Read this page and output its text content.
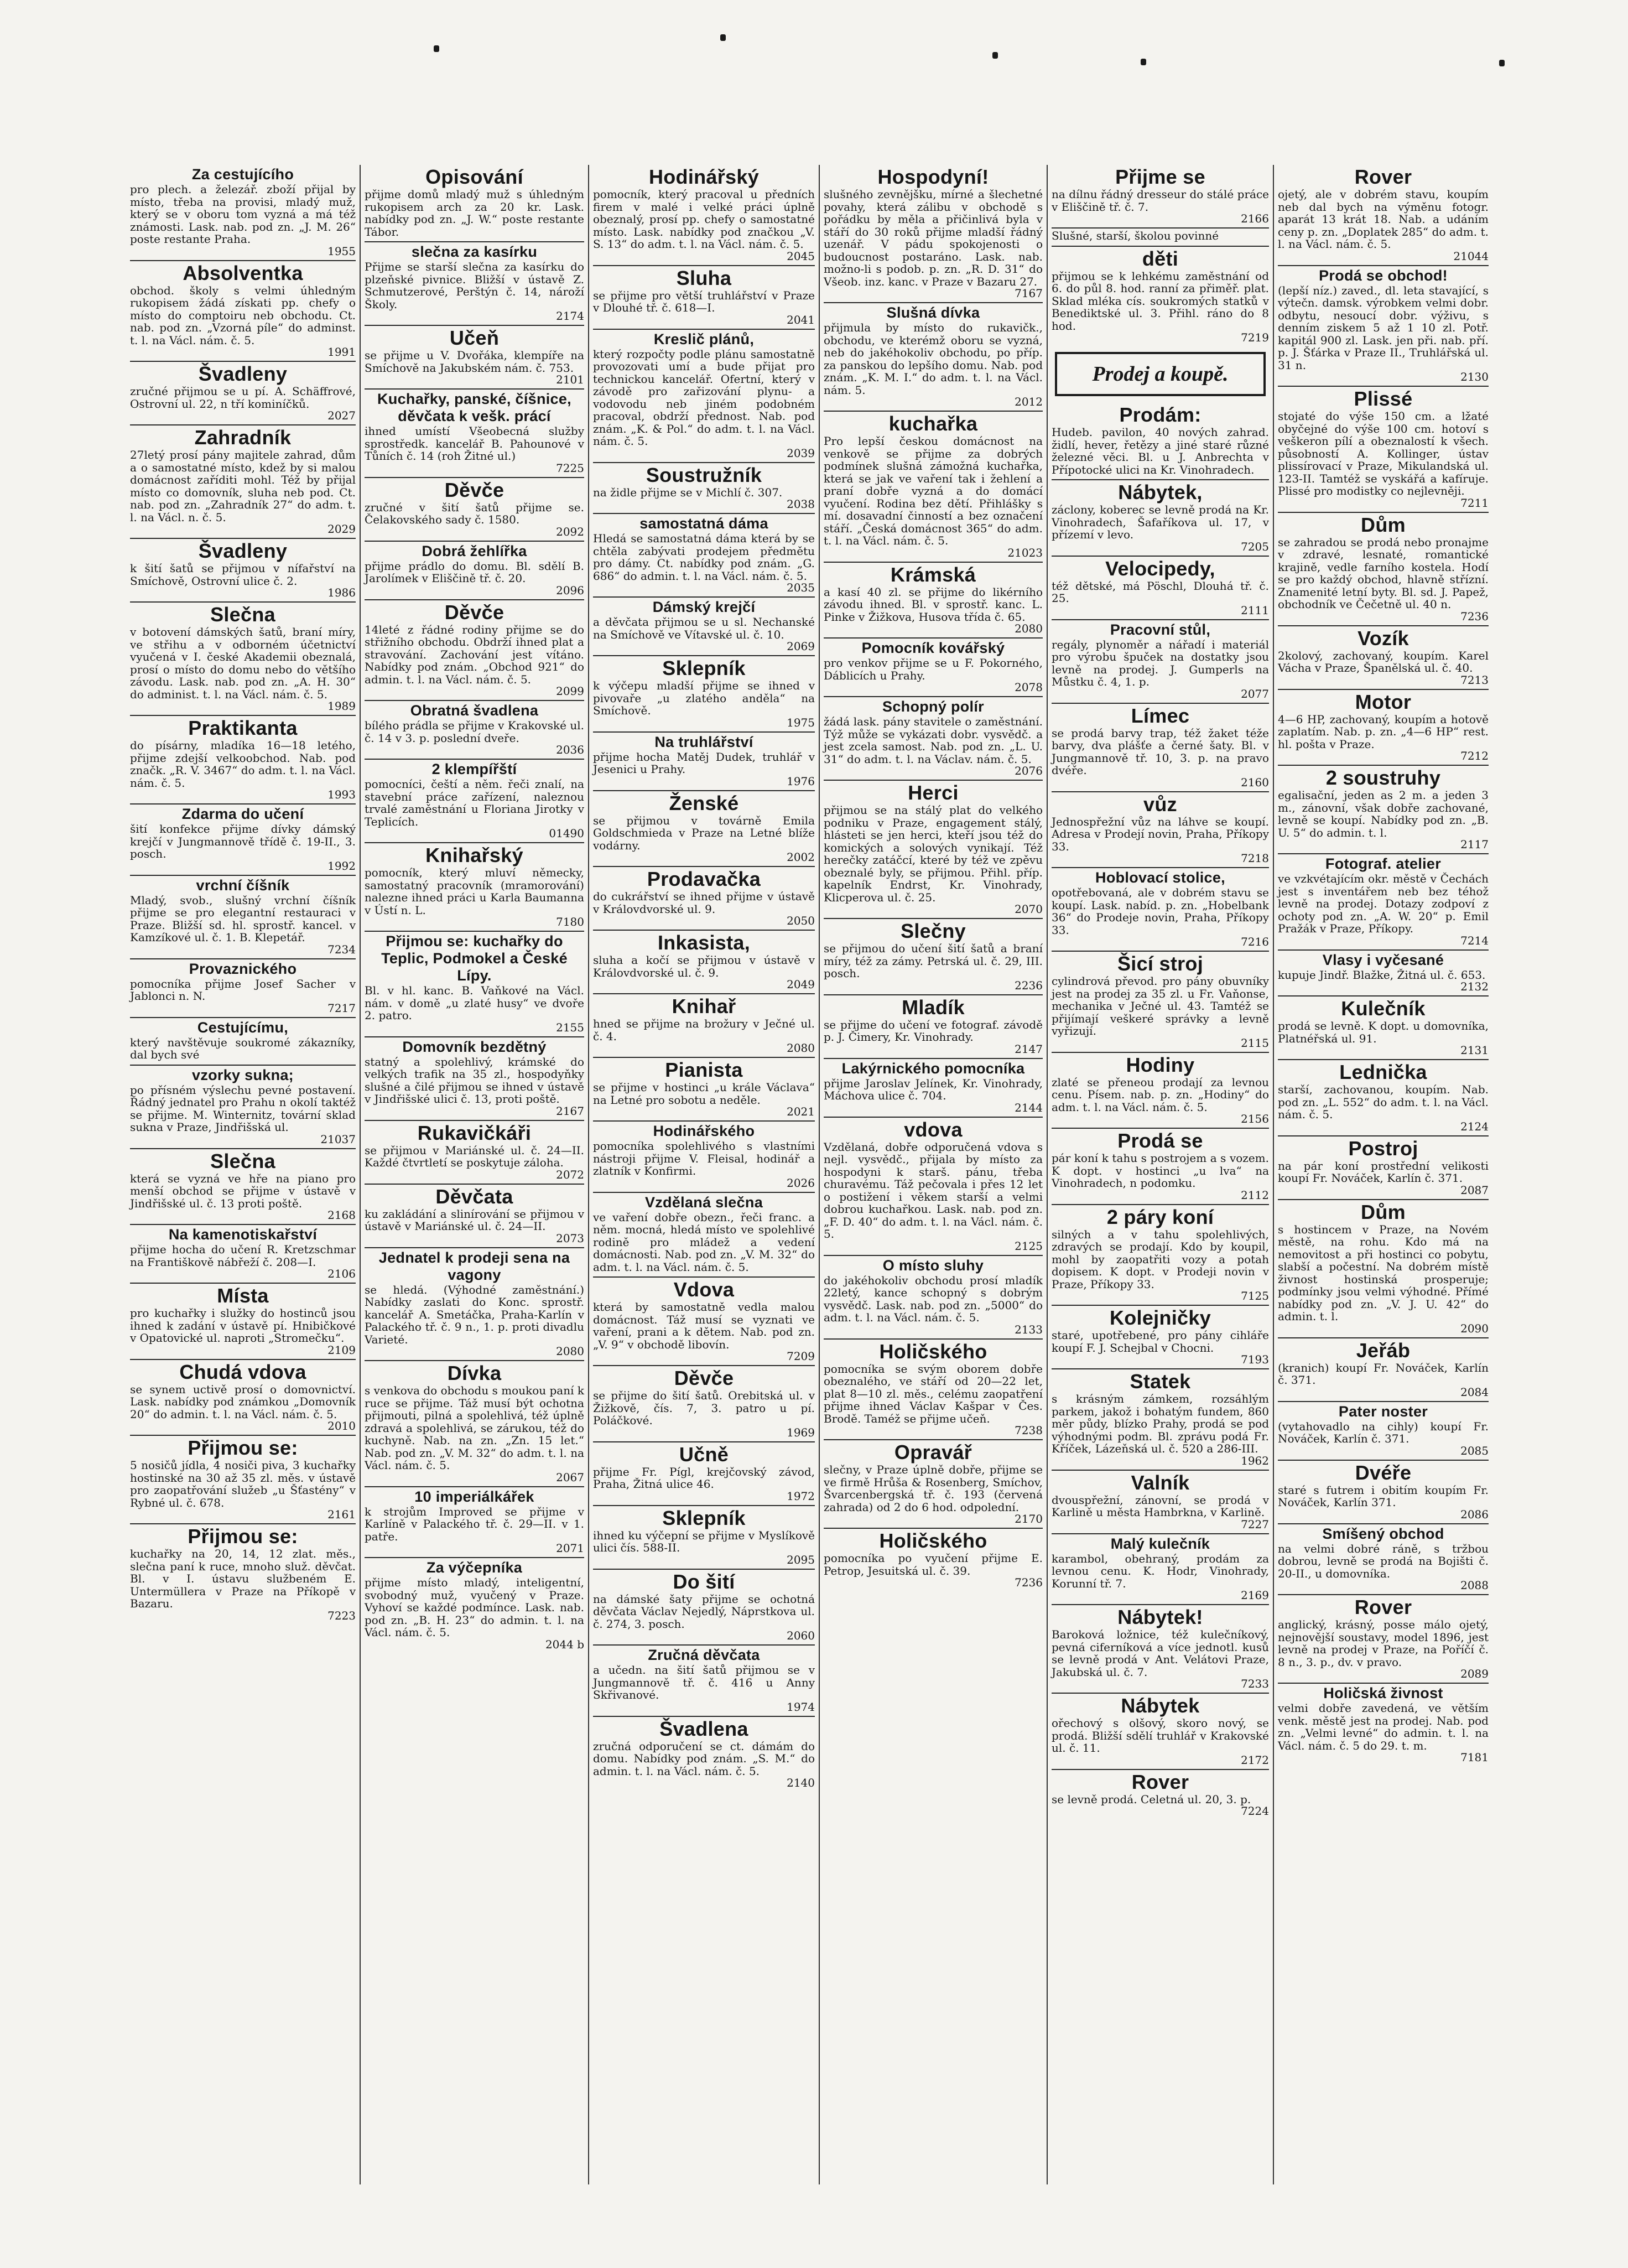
Za cestujícího

pro plech. a železář. zboží přijal by místo, třeba na provisi, mladý muž, který se v oboru tom vyzná a má též známosti. Lask. nab. pod zn. „J. M. 26“ poste restante Praha.

1955
Absolventka

obchod. školy s velmi úhledným rukopisem žádá získati pp. chefy o místo do comptoiru neb obchodu. Ct. nab. pod zn. „Vzorná píle“ do adminst. t. l. na Václ. nám. č. 5.

1991
Švadleny

zručné přijmou se u pí. A. Schäffrové, Ostrovní ul. 22, n tří kominíčků.

2027
Zahradník

27letý prosí pány majitele zahrad, dům a o samostatné místo, kdež by si malou domácnost zaříditi mohl. Též by přijal místo co domovník, sluha neb pod. Ct. nab. pod zn. „Zahradník 27“ do adm. t. l. na Václ. n. č. 5.

2029
Švadleny

k šití šatů se přijmou v nífařství na Smíchově, Ostrovní ulice č. 2.

1986
Slečna

v botovení dámských šatů, braní míry, ve střihu a v odborném účetnictví vyučená v I. české Akademii obeznalá, prosí o místo do domu nebo do většího závodu. Lask. nab. pod zn. „A. H. 30“ do administ. t. l. na Václ. nám. č. 5.

1989
Praktikanta

do písárny, mladíka 16—18 letého, přijme zdejší velkoobchod. Nab. pod značk. „R. V. 3467“ do adm. t. l. na Václ. nám. č. 5.

1993
Zdarma do učení

šití konfekce přijme dívky dámský krejčí v Jungmannově třídě č. 19-II., 3. posch.

1992
vrchní číšník

Mladý, svob., slušný vrchní číšník přijme se pro elegantní restauraci v Praze. Bližší sd. hl. sprostř. kancel. v Kamzíkové ul. č. 1. B. Klepetář.

7234
Provaznického

pomocníka přijme Josef Sacher v Jablonci n. N.

7217
Cestujícímu,

který navštěvuje soukromé zákazníky, dal bych své

vzorky sukna;

po přísném výslechu pevné postavení. Řádný jednatel pro Prahu n okolí taktéž se přijme. M. Winternitz, tovární sklad sukna v Praze, Jindřišská ul.

21037
Slečna

která se vyzná ve hře na piano pro menší obchod se přijme v ústavě v Jindřišské ul. č. 13 proti poště.

2168
Na kamenotiskařství

přijme hocha do učení R. Kretzschmar na Františkově nábřeží č. 208—I.

2106
Místa

pro kuchařky i služky do hostinců jsou ihned k zadání v ústavě pí. Hnibičkové v Opatovické ul. naproti „Stromečku“.

2109
Chudá vdova

se synem uctivě prosí o domovnictví. Lask. nabídky pod známkou „Domovník 20“ do admin. t. l. na Václ. nám. č. 5.

2010
Přijmou se:

5 nosičů jídla, 4 nosiči piva, 3 kuchařky hostinské na 30 až 35 zl. měs. v ústavě pro zaopatřování služeb „u Šťastény“ v Rybné ul. č. 678.

2161
Přijmou se:

kuchařky na 20, 14, 12 zlat. měs., slečna paní k ruce, mnoho služ. děvčat. Bl. v I. ústavu službeném E. Untermüllera v Praze na Příkopě v Bazaru.

7223
Opisování

přijme domů mladý muž s úhledným rukopisem arch za 20 kr. Lask. nabídky pod zn. „J. W.“ poste restante Tábor.

slečna za kasírku

Přijme se starší slečna za kasírku do plzeňské pivnice. Bližší v ústavě Z. Schmutzerové, Perštýn č. 14, nároží Školy.

2174
Učeň

se přijme u V. Dvořáka, klempíře na Smíchově na Jakubském nám. č. 753.

2101
Kuchařky, panské, číšnice, děvčata k vešk. prácí

ihned umístí Všeobecná služby sprostředk. kancelář B. Pahounové v Tůních č. 14 (roh Žitné ul.)

7225
Děvče

zručné v šití šatů přijme se. Čelakovského sady č. 1580.

2092
Dobrá žehlířka

přijme prádlo do domu. Bl. sdělí B. Jarolímek v Eliščině tř. č. 20.

2096
Děvče

14leté z řádné rodiny přijme se do střižního obchodu. Obdrží ihned plat a stravování. Zachování jest vítáno. Nabídky pod znám. „Obchod 921“ do admin. t. l. na Václ. nám. č. 5.

2099
Obratná švadlena

bílého prádla se přijme v Krakovské ul. č. 14 v 3. p. poslední dveře.

2036
2 klempířští

pomocníci, čeští a něm. řeči znalí, na stavební práce zařízení, naleznou trvalé zaměstnání u Floriana Jirotky v Teplicích.

01490
Knihařský

pomocník, který mluví německy, samostatný pracovník (mramorování) nalezne ihned práci u Karla Baumanna v Ústí n. L.

7180
Přijmou se: kuchařky do Teplic, Podmokel a České Lípy.

Bl. v hl. kanc. B. Vaňkové na Václ. nám. v domě „u zlaté husy“ ve dvoře 2. patro.

2155
Domovník bezdětný

statný a spolehlivý, krámské do velkých trafik na 35 zl., hospodyňky slušné a čilé přijmou se ihned v ústavě v Jindřišské ulici č. 13, proti poště.

2167
Rukavičkáři

se přijmou v Mariánské ul. č. 24—II. Každé čtvrtletí se poskytuje záloha.

2072
Děvčata

ku zakládání a slinírování se přijmou v ústavě v Mariánské ul. č. 24—II.

2073
Jednatel k prodeji sena na vagony

se hledá. (Výhodné zaměstnání.) Nabídky zaslati do Konc. sprostř. kancelář A. Smetáčka, Praha-Karlín v Palackého tř. č. 9 n., 1. p. proti divadlu Varieté.

2080
Dívka

s venkova do obchodu s moukou paní k ruce se přijme. Táž musí být ochotna přijmouti, pilná a spolehlivá, též úplně zdravá a spolehlivá, se zárukou, též do kuchyně. Nab. na zn. „Zn. 15 let.“ Nab. pod zn. „V. M. 32“ do adm. t. l. na Václ. nám. č. 5.

2067
10 imperiálkářek

k strojům Improved se přijme v Karlíně v Palackého tř. č. 29—II. v 1. patře.

2071
Za výčepníka

přijme místo mladý, inteligentní, svobodný muž, vyučený v Praze. Vyhoví se každé podmínce. Lask. nab. pod zn. „B. H. 23“ do admin. t. l. na Václ. nám. č. 5.

2044 b
Hodinářský

pomocník, který pracoval u předních firem v malé i velké práci úplně obeznalý, prosí pp. chefy o samostatné místo. Lask. nabídky pod značkou „V. S. 13“ do adm. t. l. na Václ. nám. č. 5.

2045
Sluha

se přijme pro větší truhlářství v Praze v Dlouhé tř. č. 618—I.

2041
Kreslič plánů,

který rozpočty podle plánu samostatně provozovati umí a bude přijat pro technickou kancelář. Ofertní, který v závodě pro zařizování plynu- a vodovodu neb jiném podobném pracoval, obdrží přednost. Nab. pod znám. „K. & Pol.“ do adm. t. l. na Václ. nám. č. 5.

2039
Soustružník

na židle přijme se v Michlí č. 307.

2038
samostatná dáma

Hledá se samostatná dáma která by se chtěla zabývati prodejem předmětu pro dámy. Ct. nabídky pod znám. „G. 686“ do admin. t. l. na Václ. nám. č. 5.

2035
Dámský krejčí

a děvčata přijmou se u sl. Nechanské na Smíchově ve Vítavské ul. č. 10.

2069
Sklepník

k výčepu mladší přijme se ihned v pivovaře „u zlatého anděla“ na Smíchově.

1975
Na truhlářství

přijme hocha Matěj Dudek, truhlář v Jesenici u Prahy.

1976
Ženské

se přijmou v továrně Emila Goldschmieda v Praze na Letné blíže vodárny.

2002
Prodavačka

do cukrářství se ihned přijme v ústavě v Královdvorské ul. 9.

2050
Inkasista,

sluha a kočí se přijmou v ústavě v Královdvorské ul. č. 9.

2049
Knihař

hned se přijme na brožury v Ječné ul. č. 4.

2080
Pianista

se přijme v hostinci „u krále Václava“ na Letné pro sobotu a neděle.

2021
Hodinářského

pomocníka spolehlivého s vlastními nástroji přijme V. Fleisal, hodinář a zlatník v Konfirmi.

2026
Vzdělaná slečna

ve vaření dobře obezn., řeči franc. a něm. mocná, hledá místo ve spolehlivé rodině pro mládež a vedení domácnosti. Nab. pod zn. „V. M. 32“ do adm. t. l. na Václ. nám. č. 5.

Vdova

která by samostatně vedla malou domácnost. Táž musí se vyznati ve vaření, prani a k dětem. Nab. pod zn. „V. 9“ v obchodě libovín.

7209
Děvče

se přijme do šití šatů. Orebitská ul. v Žižkově, čís. 7, 3. patro u pí. Poláčkové.

1969
Učně

přijme Fr. Pígl, krejčovský závod, Praha, Žitná ulice 46.

1972
Sklepník

ihned ku výčepní se přijme v Myslíkově ulici čís. 588-II.

2095
Do šití

na dámské šaty přijme se ochotná děvčata Václav Nejedlý, Náprstkova ul. č. 274, 3. posch.

2060
Zručná děvčata

a učedn. na šití šatů přijmou se v Jungmannově tř. č. 416 u Anny Skřivanové.

1974
Švadlena

zručná odporučení se ct. dámám do domu. Nabídky pod znám. „S. M.“ do admin. t. l. na Václ. nám. č. 5.

2140
Hospodyní!

slušného zevnějšku, mírné a šlechetné povahy, která zálibu v obchodě s pořádku by měla a přičinlivá byla v stáří do 30 roků přijme mladší řádný uzenář. V pádu spokojenosti o budoucnost postaráno. Lask. nab. možno-li s podob. p. zn. „R. D. 31“ do Všeob. inz. kanc. v Praze v Bazaru 27.

7167
Slušná dívka

přijmula by místo do rukavičk., obchodu, ve kterémž oboru se vyzná, neb do jakéhokoliv obchodu, po příp. za panskou do lepšího domu. Nab. pod znám. „K. M. I.“ do adm. t. l. na Václ. nám. 5.

2012
kuchařka

Pro lepší českou domácnost na venkově se přijme za dobrých podmínek slušná zámožná kuchařka, která se jak ve vaření tak i žehlení a praní dobře vyzná a do domácí vyučení. Rodina bez dětí. Přihlášky s mí. dosavadní činností a bez označení stáří. „Česká domácnost 365“ do adm. t. l. na Václ. nám. č. 5.

21023
Krámská

a kasí 40 zl. se přijme do likérního závodu ihned. Bl. v sprostř. kanc. L. Pinke v Žižkova, Husova třída č. 65.

2080
Pomocník kovářský

pro venkov přijme se u F. Pokorného, Dáblicích u Prahy.

2078
Schopný polír

žádá lask. pány stavitele o zaměstnání. Týž může se vykázati dobr. vysvědč. a jest zcela samost. Nab. pod zn. „L. U. 31“ do adm. t. l. na Václav. nám. č. 5.

2076
Herci

přijmou se na stálý plat do velkého podniku v Praze, engagement stálý, hlásteti se jen herci, kteří jsou též do komických a solových vynikají. Též herečky zatáčcí, které by též ve zpěvu obeznalé byly, se přijmou. Přihl. příp. kapelník Endrst, Kr. Vinohrady, Klicperova ul. č. 25.

2070
Slečny

se přijmou do učení šití šatů a braní míry, též za zámy. Petrská ul. č. 29, III. posch.

2236
Mladík

se přijme do učení ve fotograf. závodě p. J. Čimery, Kr. Vinohrady.

2147
Lakýrnického pomocníka

přijme Jaroslav Jelínek, Kr. Vinohrady, Máchova ulice č. 704.

2144
vdova

Vzdělaná, dobře odporučená vdova s nejl. vysvědč., přijala by místo za hospodyni k starš. pánu, třeba churavému. Táž pečovala i přes 12 let o postižení i věkem starší a velmi dobrou kuchařkou. Lask. nab. pod zn. „F. D. 40“ do adm. t. l. na Václ. nám. č. 5.

2125
O místo sluhy

do jakéhokoliv obchodu prosí mladík 22letý, kance schopný s dobrým vysvědč. Lask. nab. pod zn. „5000“ do adm. t. l. na Václ. nám. č. 5.

2133
Holičského

pomocníka se svým oborem dobře obeznalého, ve stáří od 20—22 let, plat 8—10 zl. měs., celému zaopatření přijme ihned Václav Kašpar v Čes. Brodě. Taméž se přijme učeň.

7238
Opravář

slečny, v Praze úplně dobře, přijme se ve firmě Hrůša & Rosenberg, Smíchov, Švarcenbergská tř. č. 193 (červená zahrada) od 2 do 6 hod. odpolední.

2170
Holičského

pomocníka po vyučení přijme E. Petrop, Jesuitská ul. č. 39.

7236
Přijme se

na dílnu řádný dresseur do stálé práce v Eliščině tř. č. 7.

2166

Slušné, starší, školou povinné

děti

přijmou se k lehkému zaměstnání od 6. do půl 8. hod. ranní za přiměř. plat. Sklad mléka cís. soukromých statků v Benediktské ul. 3. Přihl. ráno do 8 hod.

7219
Prodej a koupě.
Prodám:

Hudeb. pavilon, 40 nových zahrad. židlí, hever, řetězy a jiné staré různé železné věci. Bl. u J. Anbrechta v Přípotocké ulici na Kr. Vinohradech.

Nábytek,

záclony, koberec se levně prodá na Kr. Vinohradech, Šafaříkova ul. 17, v přízemí v levo.

7205
Velocipedy,

též dětské, má Pöschl, Dlouhá tř. č. 25.

2111
Pracovní stůl,

regály, plynoměr a nářadí i materiál pro výrobu špuček na dostatky jsou levně na prodej. J. Gumperls na Můstku č. 4, 1. p.

2077
Límec

se prodá barvy trap, též žaket téže barvy, dva plášťe a černé šaty. Bl. v Jungmannově tř. 10, 3. p. na pravo dvéře.

2160
vůz

Jednospřežní vůz na láhve se koupí. Adresa v Prodejí novin, Praha, Příkopy 33.

7218
Hoblovací stolice,

opotřebovaná, ale v dobrém stavu se koupí. Lask. nabíd. p. zn. „Hobelbank 36“ do Prodeje novin, Praha, Příkopy 33.

7216
Šicí stroj

cylindrová převod. pro pány obuvníky jest na prodej za 35 zl. u Fr. Vaňonse, mechanika v Ječné ul. 43. Tamtéž se přijímají veškeré správky a levně vyřizují.

2115
Hodiny

zlaté se přeneou prodají za levnou cenu. Písem. nab. p. zn. „Hodiny“ do adm. t. l. na Václ. nám. č. 5.

2156
Prodá se

pár koní k tahu s postrojem a s vozem. K dopt. v hostinci „u lva“ na Vinohradech, n podomku.

2112
2 páry koní

silných a v tahu spolehlivých, zdravých se prodají. Kdo by koupil, mohl by zaopatřiti vozy a potah dopisem. K dopt. v Prodeji novin v Praze, Příkopy 33.

7125
Kolejničky

staré, upotřebené, pro pány cihláře koupí F. J. Schejbal v Chocni.

7193
Statek

s krásným zámkem, rozsáhlým parkem, jakož i bohatým fundem, 860 měr půdy, blízko Prahy, prodá se pod výhodnými podm. Bl. zprávu podá Fr. Kříček, Lázeňská ul. č. 520 a 286-III.

1962
Valník

dvouspřežní, zánovní, se prodá v Karlině u města Hambrkna, v Karlině.

7227
Malý kulečník

karambol, obehraný, prodám za levnou cenu. K. Hodr, Vinohrady, Korunní tř. 7.

2169
Nábytek!

Baroková ložnice, též kulečníkový, pevná ciferníková a více jednotl. kusů se levně prodá v Ant. Velátovi Praze, Jakubská ul. č. 7.

7233
Nábytek

ořechový s olšový, skoro nový, se prodá. Bližší sdělí truhlář v Krakovské ul. č. 11.

2172
Rover

se levně prodá. Celetná ul. 20, 3. p.

7224
Rover

ojetý, ale v dobrém stavu, koupím neb dal bych na výměnu fotogr. aparát 13 krát 18. Nab. a udáním ceny p. zn. „Doplatek 285“ do adm. t. l. na Václ. nám. č. 5.

21044
Prodá se obchod!

(lepší níz.) zaved., dl. leta stavající, s výtečn. damsk. výrobkem velmi dobr. odbytu, nesoucí dobr. výživu, s denním ziskem 5 až 1 10 zl. Potř. kapitál 900 zl. Lask. jen při. nab. pří. p. J. Šťárka v Praze II., Truhlářská ul. 31 n.

2130
Plissé

stojaté do výše 150 cm. a lžaté obyčejné do výše 100 cm. hotoví s veškeron pílí a obeznalostí k všech. působností A. Kollinger, ústav plissírovací v Praze, Mikulandská ul. 123-II. Tamtéž se vyskářá a kafíruje. Plissé pro modistky co nejlevněji.

7211
Dům

se zahradou se prodá nebo pronajme v zdravé, lesnaté, romantické krajině, vedle farního kostela. Hodí se pro každý obchod, hlavně střízní. Znamenité letní byty. Bl. sd. J. Papež, obchodník ve Čečetně ul. 40 n.

7236
Vozík

2kolový, zachovaný, koupím. Karel Vácha v Praze, Španělská ul. č. 40.

7213
Motor

4—6 HP, zachovaný, koupím a hotově zaplatím. Nab. p. zn. „4—6 HP“ rest. hl. pošta v Praze.

7212
2 soustruhy

egalisační, jeden as 2 m. a jeden 3 m., zánovní, však dobře zachované, levně se koupí. Nabídky pod zn. „B. U. 5“ do admin. t. l.

2117
Fotograf. atelier

ve vzkvétajícím okr. městě v Čechách jest s inventářem neb bez téhož levně na prodej. Dotazy zodpoví z ochoty pod zn. „A. W. 20“ p. Emil Pražák v Praze, Příkopy.

7214
Vlasy i vyčesané

kupuje Jindř. Blažke, Žitná ul. č. 653.

2132
Kulečník

prodá se levně. K dopt. u domovníka, Platnéřská ul. 91.

2131
Lednička

starší, zachovanou, koupím. Nab. pod zn. „L. 552“ do adm. t. l. na Václ. nám. č. 5.

2124
Postroj

na pár koní prostřední velikosti koupí Fr. Nováček, Karlín č. 371.

2087
Dům

s hostincem v Praze, na Novém městě, na rohu. Kdo má na nemovitost a při hostinci co pobytu, slabší a počestní. Na dobrém místě živnost hostinská prosperuje; podmínky jsou velmi výhodné. Přímé nabídky pod zn. „V. J. U. 42“ do admin. t. l.

2090
Jeřáb

(kranich) koupí Fr. Nováček, Karlín č. 371.

2084
Pater noster

(vytahovadlo na cihly) koupí Fr. Nováček, Karlín č. 371.

2085
Dvéře

staré s futrem i obitím koupím Fr. Nováček, Karlín 371.

2086
Smíšený obchod

na velmi dobré ráně, s tržbou dobrou, levně se prodá na Bojišti č. 20-II., u domovníka.

2088
Rover

anglický, krásný, posse málo ojetý, nejnovější soustavy, model 1896, jest levně na prodej v Praze, na Poříčí č. 8 n., 3. p., dv. v pravo.

2089
Holičská živnost

velmi dobře zavedená, ve větším venk. městě jest na prodej. Nab. pod zn. „Velmi levné“ do admin. t. l. na Václ. nám. č. 5 do 29. t. m.

7181
